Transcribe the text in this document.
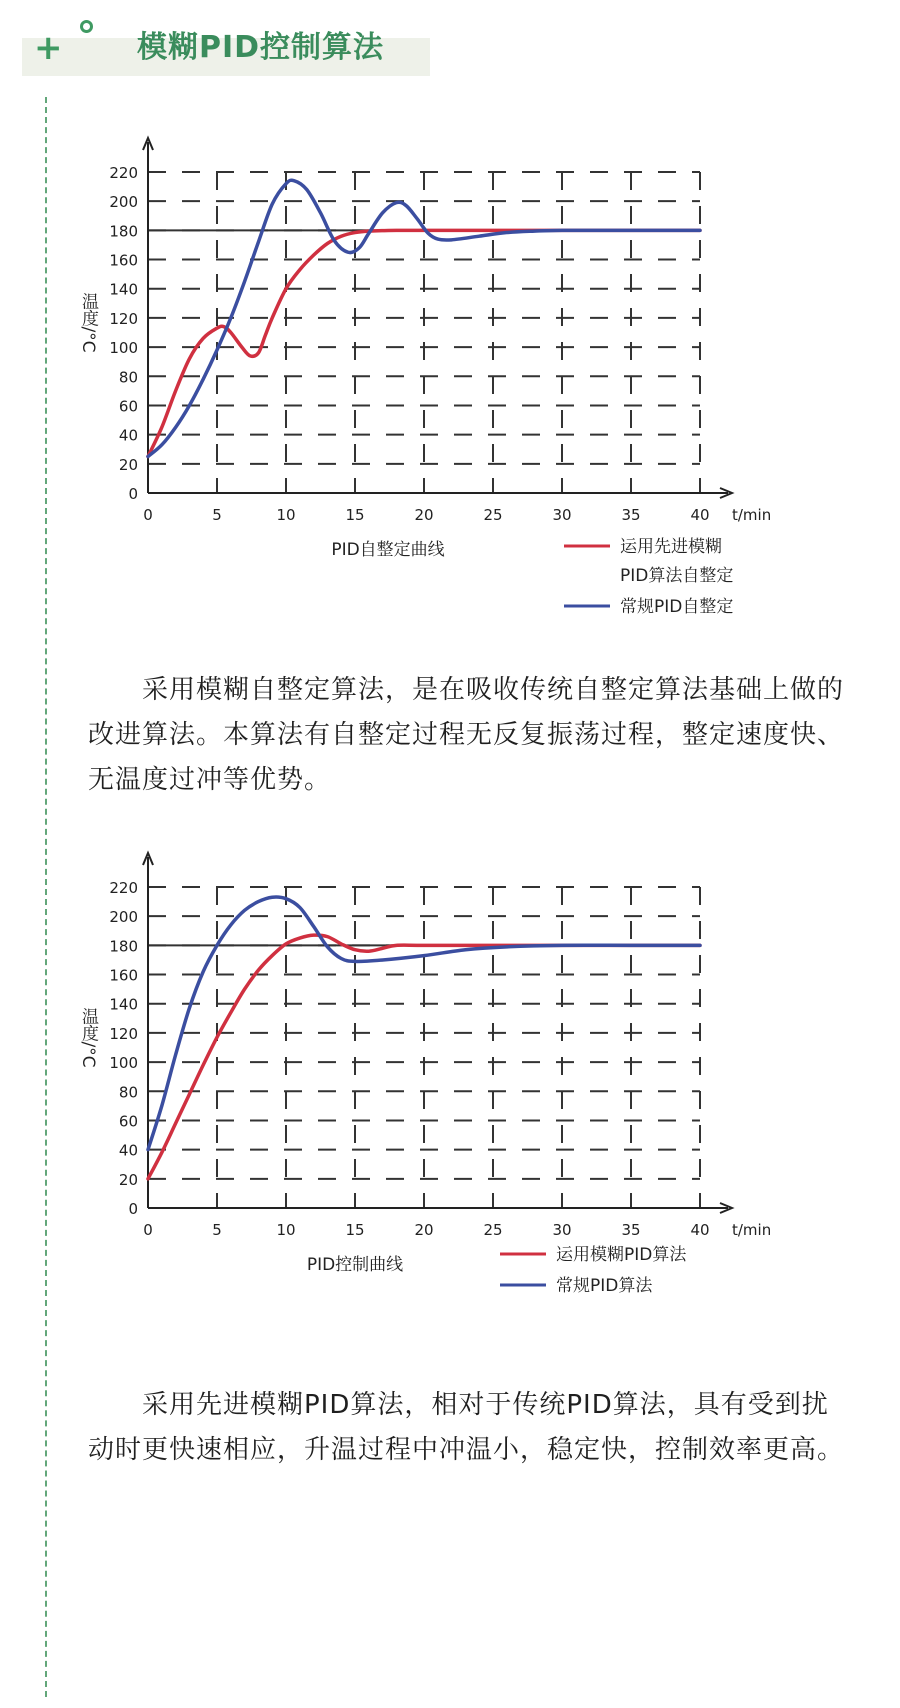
+ 模糊PID控制算法
0
20
40
60
80
100
120
140
160
180
200
220
0	5	10	15	20	25	30	35	40 t/min
温度/°C
PID自整定曲线	运用先进模糊
PID算法自整定
常规PID自整定
采用模糊自整定算法，是在吸收传统自整定算法基础上做的改进算法。本算法有自整定过程无反复振荡过程，整定速度快、无温度过冲等优势。
0
20
40
60
80
100
120
140
160
180
200
220
0	5	10	15	20	25	30	35	40 t/min
温度/°C
PID控制曲线	运用模糊PID算法
常规PID算法
采用先进模糊PID算法，相对于传统PID算法，具有受到扰动时更快速相应，升温过程中冲温小，稳定快，控制效率更高。
